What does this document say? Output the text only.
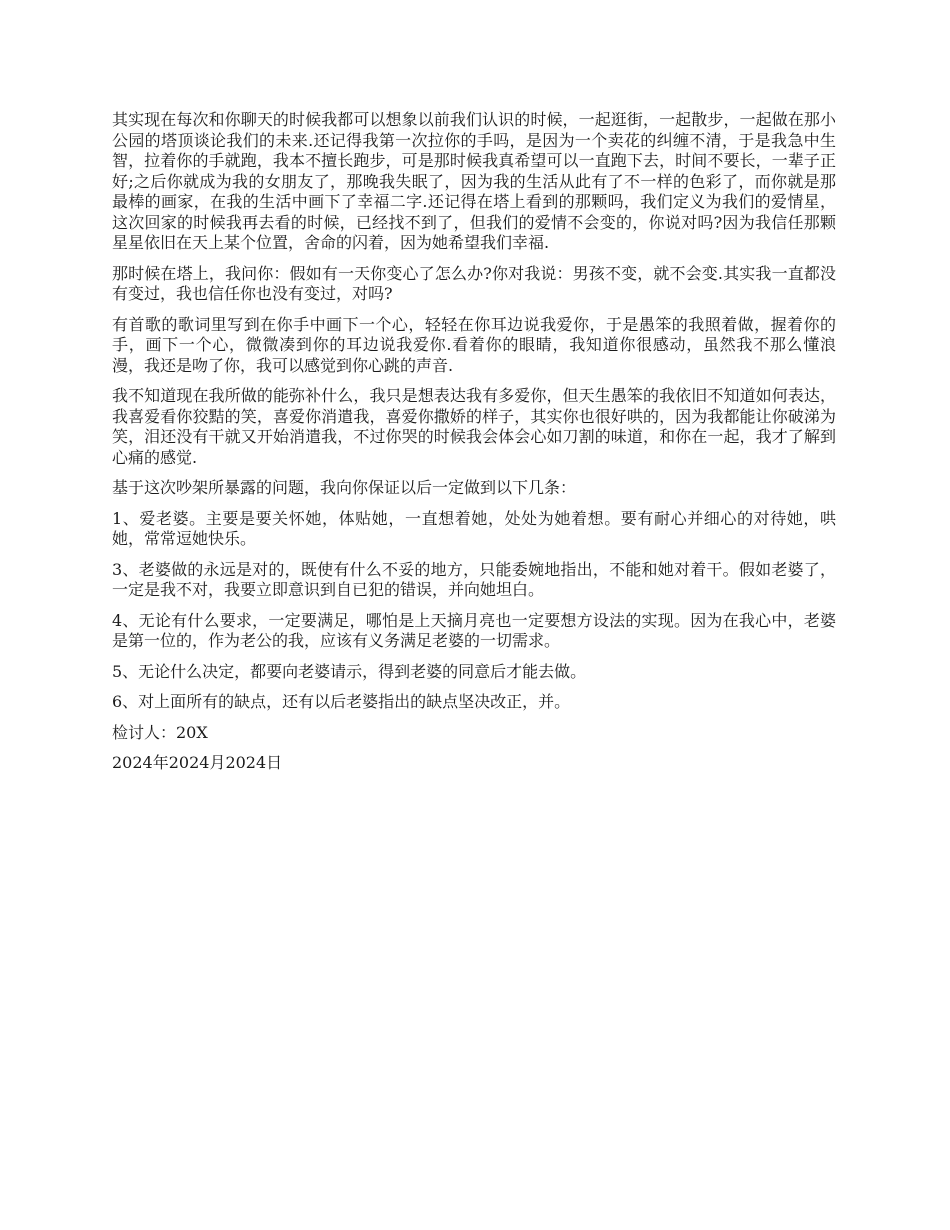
其实现在每次和你聊天的时候我都可以想象以前我们认识的时候，一起逛街，一起散步，一起做在那小公园的塔顶谈论我们的未来.还记得我第一次拉你的手吗，是因为一个卖花的纠缠不清，于是我急中生智，拉着你的手就跑，我本不擅长跑步，可是那时候我真希望可以一直跑下去，时间不要长，一辈子正好;之后你就成为我的女朋友了，那晚我失眠了，因为我的生活从此有了不一样的色彩了，而你就是那最棒的画家，在我的生活中画下了幸福二字.还记得在塔上看到的那颗吗，我们定义为我们的爱情星，这次回家的时候我再去看的时候，已经找不到了，但我们的爱情不会变的，你说对吗?因为我信任那颗星星依旧在天上某个位置，舍命的闪着，因为她希望我们幸福.

那时候在塔上，我问你：假如有一天你变心了怎么办?你对我说：男孩不变，就不会变.其实我一直都没有变过，我也信任你也没有变过，对吗?

有首歌的歌词里写到在你手中画下一个心，轻轻在你耳边说我爱你，于是愚笨的我照着做，握着你的手，画下一个心，微微凑到你的耳边说我爱你.看着你的眼睛，我知道你很感动，虽然我不那么懂浪漫，我还是吻了你，我可以感觉到你心跳的声音.

我不知道现在我所做的能弥补什么，我只是想表达我有多爱你，但天生愚笨的我依旧不知道如何表达，我喜爱看你狡黠的笑，喜爱你消遣我，喜爱你撒娇的样子，其实你也很好哄的，因为我都能让你破涕为笑，泪还没有干就又开始消遣我，不过你哭的时候我会体会心如刀割的味道，和你在一起，我才了解到心痛的感觉.

基于这次吵架所暴露的问题，我向你保证以后一定做到以下几条：

1、爱老婆。主要是要关怀她，体贴她，一直想着她，处处为她着想。要有耐心并细心的对待她，哄她，常常逗她快乐。

3、老婆做的永远是对的，既使有什么不妥的地方，只能委婉地指出，不能和她对着干。假如老婆了，一定是我不对，我要立即意识到自已犯的错误，并向她坦白。

4、无论有什么要求，一定要满足，哪怕是上天摘月亮也一定要想方设法的实现。因为在我心中，老婆是第一位的，作为老公的我，应该有义务满足老婆的一切需求。

5、无论什么决定，都要向老婆请示，得到老婆的同意后才能去做。

6、对上面所有的缺点，还有以后老婆指出的缺点坚决改正，并。

检讨人：20X

2024年2024月2024日
